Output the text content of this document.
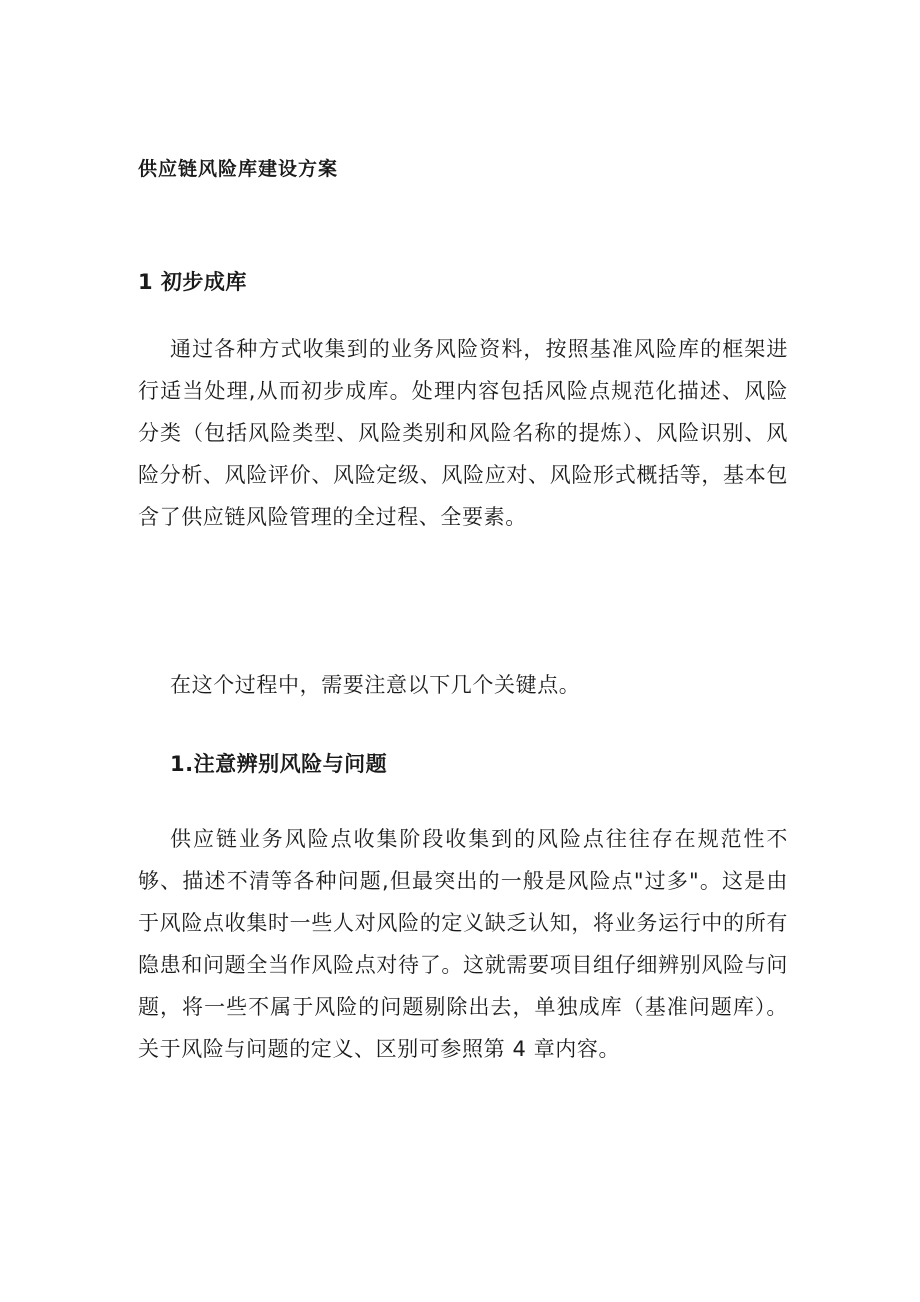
供应链风险库建设方案
1 初步成库

通过各种方式收集到的业务风险资料，按照基准风险库的框架进行适当处理,从而初步成库。处理内容包括风险点规范化描述、风险分类（包括风险类型、风险类别和风险名称的提炼）、风险识别、风险分析、风险评价、风险定级、风险应对、风险形式概括等，基本包含了供应链风险管理的全过程、全要素。

在这个过程中，需要注意以下几个关键点。

1.注意辨别风险与问题

供应链业务风险点收集阶段收集到的风险点往往存在规范性不够、描述不清等各种问题,但最突出的一般是风险点"过多"。这是由于风险点收集时一些人对风险的定义缺乏认知，将业务运行中的所有隐患和问题全当作风险点对待了。这就需要项目组仔细辨别风险与问题，将一些不属于风险的问题剔除出去，单独成库（基准问题库）。关于风险与问题的定义、区别可参照第 4 章内容。
